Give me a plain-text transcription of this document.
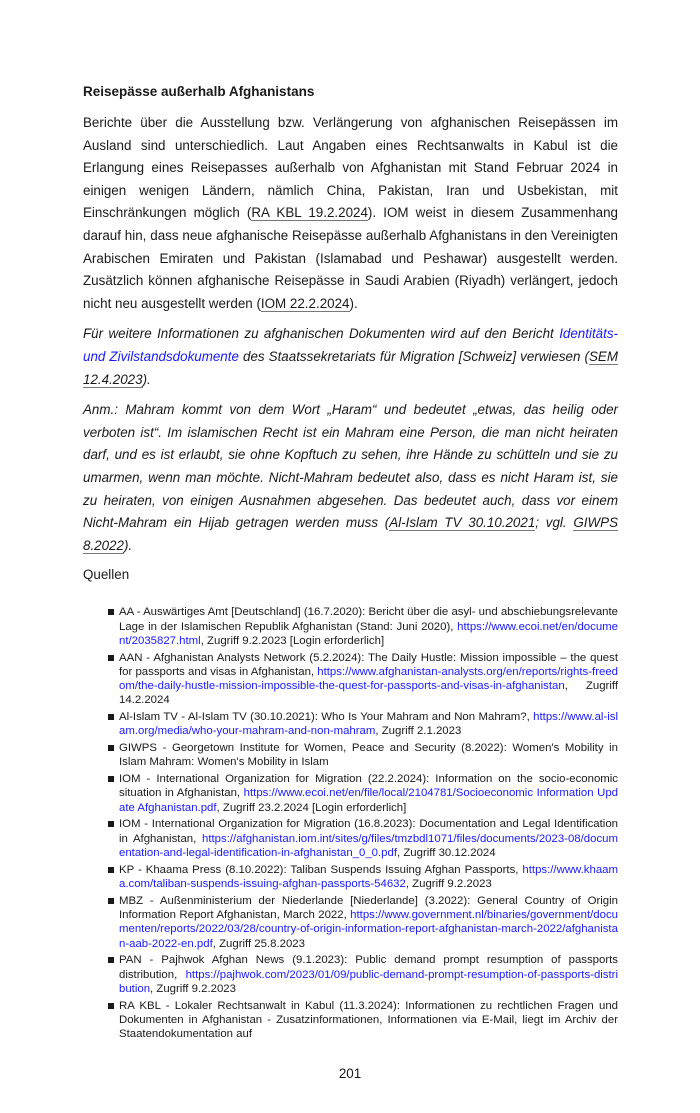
Reisepässe außerhalb Afghanistans

Berichte über die Ausstellung bzw. Verlängerung von afghanischen Reisepässen im Ausland sind unterschiedlich. Laut Angaben eines Rechtsanwalts in Kabul ist die Erlangung eines Reisepasses außerhalb von Afghanistan mit Stand Februar 2024 in einigen wenigen Ländern, nämlich China, Pakistan, Iran und Usbekistan, mit Einschränkungen möglich (RA KBL 19.2.2024). IOM weist in diesem Zusammenhang darauf hin, dass neue afghanische Reisepässe außerhalb Afghanistans in den Vereinigten Arabischen Emiraten und Pakistan (Islamabad und Peshawar) ausgestellt werden. Zusätzlich können afghanische Reisepässe in Saudi Arabien (Riyadh) verlängert, jedoch nicht neu ausgestellt werden (IOM 22.2.2024).

Für weitere Informationen zu afghanischen Dokumenten wird auf den Bericht Identitäts- und Zivilstandsdokumente des Staatssekretariats für Migration [Schweiz] verwiesen (SEM 12.4.2023).

Anm.: Mahram kommt von dem Wort „Haram“ und bedeutet „etwas, das heilig oder verboten ist“. Im islamischen Recht ist ein Mahram eine Person, die man nicht heiraten darf, und es ist erlaubt, sie ohne Kopftuch zu sehen, ihre Hände zu schütteln und sie zu umarmen, wenn man möchte. Nicht-Mahram bedeutet also, dass es nicht Haram ist, sie zu heiraten, von einigen Ausnahmen abgesehen. Das bedeutet auch, dass vor einem Nicht-Mahram ein Hijab getragen werden muss (Al-Islam TV 30.10.2021; vgl. GIWPS 8.2022).

Quellen
AA - Auswärtiges Amt [Deutschland] (16.7.2020): Bericht über die asyl- und abschiebungsrelevante Lage in der Islamischen Republik Afghanistan (Stand: Juni 2020), https://www.ecoi.net/en/document/2035827.html, Zugriff 9.2.2023 [Login erforderlich]
AAN - Afghanistan Analysts Network (5.2.2024): The Daily Hustle: Mission impossible – the quest for passports and visas in Afghanistan, https://www.afghanistan-analysts.org/en/reports/rights-freedom/the-daily-hustle-mission-impossible-the-quest-for-passports-and-visas-in-afghanistan, Zugriff 14.2.2024
Al-Islam TV - Al-Islam TV (30.10.2021): Who Is Your Mahram and Non Mahram?, https://www.al-islam.org/media/who-your-mahram-and-non-mahram, Zugriff 2.1.2023
GIWPS - Georgetown Institute for Women, Peace and Security (8.2022): Women's Mobility in Islam Mahram: Women's Mobility in Islam
IOM - International Organization for Migration (22.2.2024): Information on the socio-economic situation in Afghanistan, https://www.ecoi.net/en/file/local/2104781/Socioeconomic Information Update Afghanistan.pdf, Zugriff 23.2.2024 [Login erforderlich]
IOM - International Organization for Migration (16.8.2023): Documentation and Legal Identification in Afghanistan, https://afghanistan.iom.int/sites/g/files/tmzbdl1071/files/documents/2023-08/documentation-and-legal-identification-in-afghanistan_0_0.pdf, Zugriff 30.12.2024
KP - Khaama Press (8.10.2022): Taliban Suspends Issuing Afghan Passports, https://www.khaama.com/taliban-suspends-issuing-afghan-passports-54632, Zugriff 9.2.2023
MBZ - Außenministerium der Niederlande [Niederlande] (3.2022): General Country of Origin Information Report Afghanistan, March 2022, https://www.government.nl/binaries/government/documenten/reports/2022/03/28/country-of-origin-information-report-afghanistan-march-2022/afghanistan-aab-2022-en.pdf, Zugriff 25.8.2023
PAN - Pajhwok Afghan News (9.1.2023): Public demand prompt resumption of passports distribution, https://pajhwok.com/2023/01/09/public-demand-prompt-resumption-of-passports-distribution, Zugriff 9.2.2023
RA KBL - Lokaler Rechtsanwalt in Kabul (11.3.2024): Informationen zu rechtlichen Fragen und Dokumenten in Afghanistan - Zusatzinformationen, Informationen via E-Mail, liegt im Archiv der Staatendokumentation auf
201
